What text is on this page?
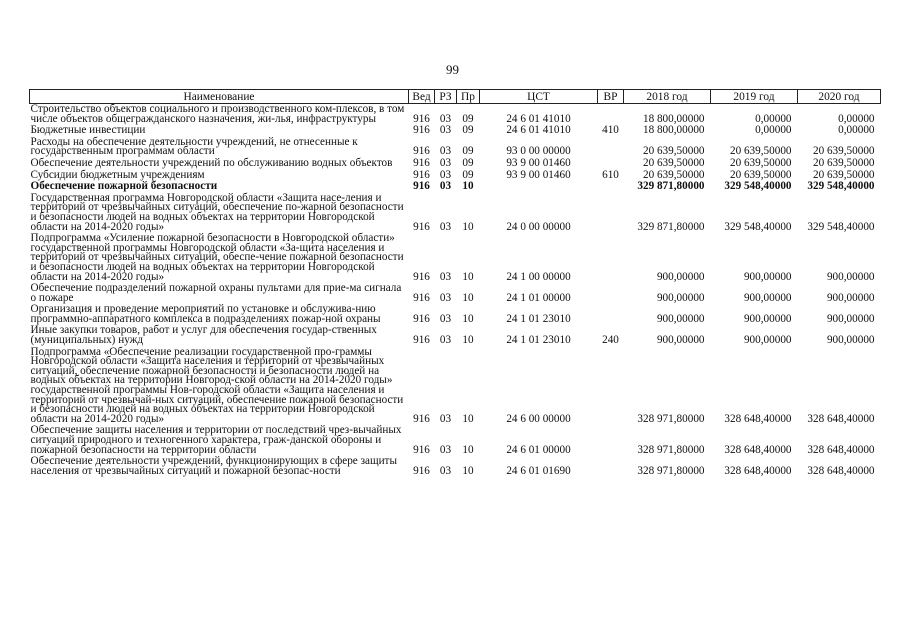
99
Наименование	Вед	РЗ	Пр	ЦСТ	ВР	2018 год	2019 год	2020 год
Строительство объектов социального и производственного ком-плексов, в том числе объектов общегражданского назначения, жи-лья, инфраструктуры	916	03	09	24 6 01 41010		18 800,00000	0,00000	0,00000
Бюджетные инвестиции	916	03	09	24 6 01 41010	410	18 800,00000	0,00000	0,00000
Расходы на обеспечение деятельности учреждений, не отнесенные к государственным программам области	916	03	09	93 0 00 00000		20 639,50000	20 639,50000	20 639,50000
Обеспечение деятельности учреждений по обслуживанию водных объектов	916	03	09	93 9 00 01460		20 639,50000	20 639,50000	20 639,50000
Субсидии бюджетным учреждениям	916	03	09	93 9 00 01460	610	20 639,50000	20 639,50000	20 639,50000
Обеспечение пожарной безопасности	916	03	10			329 871,80000	329 548,40000	329 548,40000
Государственная программа Новгородской области «Защита насе-ления и территорий от чрезвычайных ситуаций, обеспечение по-жарной безопасности и безопасности людей на водных объектах на территории Новгородской области на 2014-2020 годы»	916	03	10	24 0 00 00000		329 871,80000	329 548,40000	329 548,40000
Подпрограмма «Усиление пожарной безопасности в Новгородской области» государственной программы Новгородской области «За-щита населения и территорий от чрезвычайных ситуаций, обеспе-чение пожарной безопасности и безопасности людей на водных объектах на территории Новгородской области на 2014-2020 годы»	916	03	10	24 1 00 00000		900,00000	900,00000	900,00000
Обеспечение подразделений пожарной охраны пультами для прие-ма сигнала о пожаре	916	03	10	24 1 01 00000		900,00000	900,00000	900,00000
Организация и проведение мероприятий по установке и обслужива-нию программно-аппаратного комплекса в подразделениях пожар-ной охраны	916	03	10	24 1 01 23010		900,00000	900,00000	900,00000
Иные закупки товаров, работ и услуг для обеспечения государ-ственных (муниципальных) нужд	916	03	10	24 1 01 23010	240	900,00000	900,00000	900,00000
Подпрограмма «Обеспечение реализации государственной про-граммы Новгородской области «Защита населения и территорий от чрезвычайных ситуаций, обеспечение пожарной безопасности и безопасности людей на водных объектах на территории Новгород-ской области на 2014-2020 годы» государственной программы Нов-городской области «Защита населения и территорий от чрезвычай-ных ситуаций, обеспечение пожарной безопасности и безопасности людей на водных объектах на территории Новгородской области на 2014-2020 годы»	916	03	10	24 6 00 00000		328 971,80000	328 648,40000	328 648,40000
Обеспечение защиты населения и территории от последствий чрез-вычайных ситуаций природного и техногенного характера, граж-данской обороны и пожарной безопасности на территории области	916	03	10	24 6 01 00000		328 971,80000	328 648,40000	328 648,40000
Обеспечение деятельности учреждений, функционирующих в сфере защиты населения от чрезвычайных ситуаций и пожарной безопас-ности	916	03	10	24 6 01 01690		328 971,80000	328 648,40000	328 648,40000
